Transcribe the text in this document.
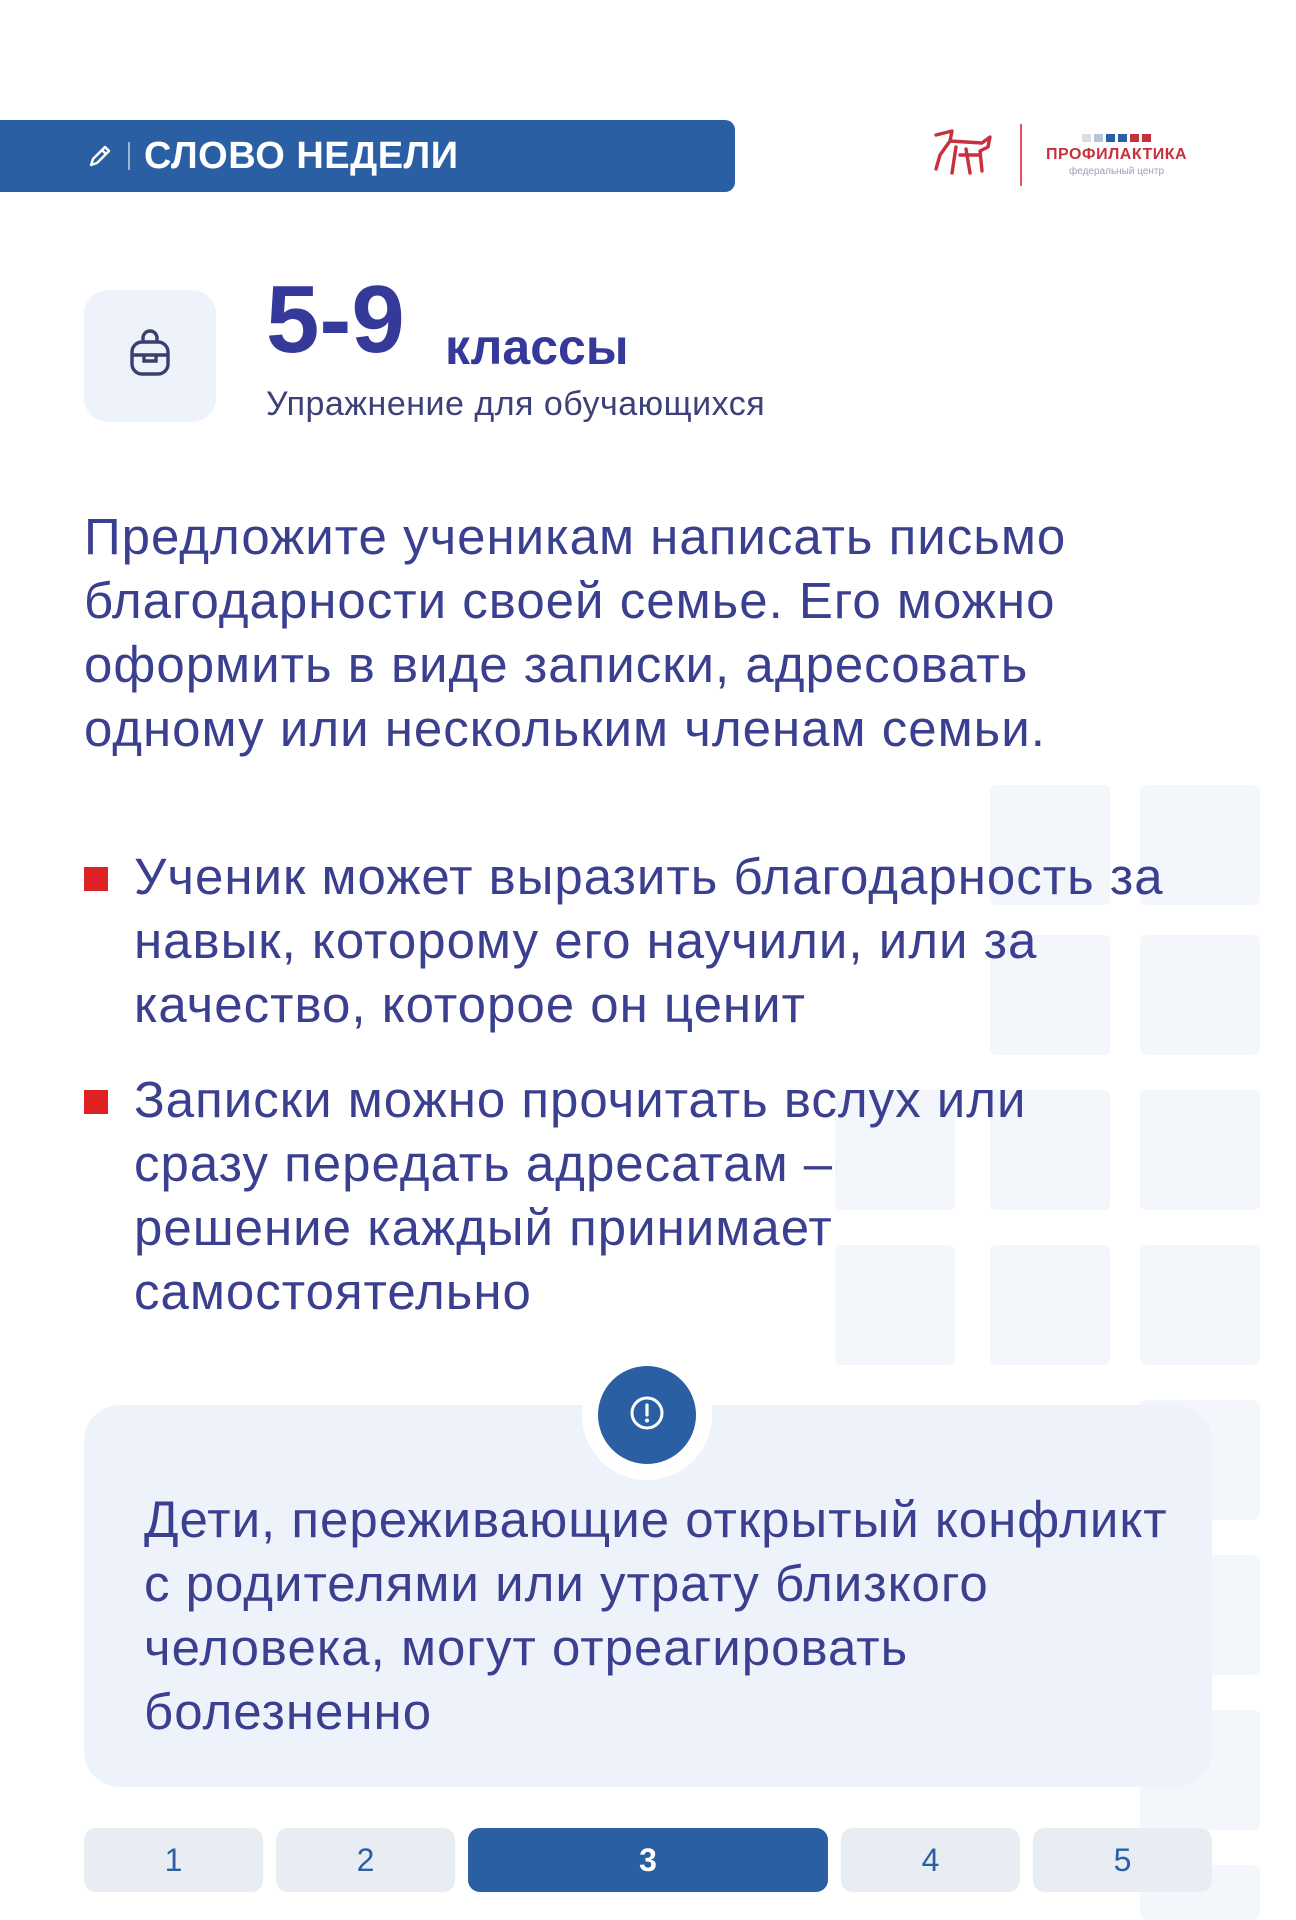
СЛОВО НЕДЕЛИ	ПРОФИЛАКТИКА
федеральный центр
5-9 классы
Упражнение для обучающихся

Предложите ученикам написать письмо благодарности своей семье. Его можно оформить в виде записки, адресовать одному или нескольким членам семьи.

Ученик может выразить благодарность за навык, которому его научили, или за качество, которое он ценит
Записки можно прочитать вслух или сразу передать адресатам – решение каждый принимает самостоятельно

Дети, переживающие открытый конфликт с родителями или утрату близкого человека, могут отреагировать болезненно

1	2	3	4	5
